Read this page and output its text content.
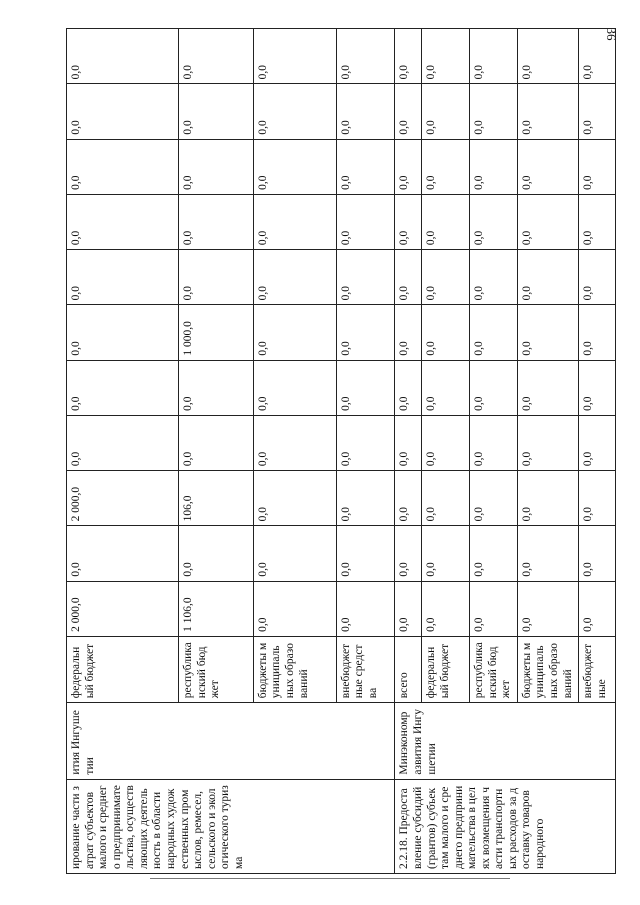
36
ирование части затрат субъектов малого и среднего предпринимательства, осуществляющих деятельность в области народных художественных промыслов, ремесел, сельского и экологического туризма	ития Ингушетии	федеральный бюджет	2 000,0	0,0	2 000,0	0,0	0,0	0,0	0,0	0,0	0,0	0,0	0,0
		республиканский бюджет	1 106,0	0,0	106,0	0,0	0,0	1 000,0	0,0	0,0	0,0	0,0	0,0
		бюджеты муниципальных образований	0,0	0,0	0,0	0,0	0,0	0,0	0,0	0,0	0,0	0,0	0,0
		внебюджетные средства	0,0	0,0	0,0	0,0	0,0	0,0	0,0	0,0	0,0	0,0	0,0
2.2.18. Предоставление субсидий (грантов) субъектам малого и среднего предпринимательства в целях возмещения части транспортных расходов за доставку товаров народного	Минэкономразвития Ингушетии	всего	0,0	0,0	0,0	0,0	0,0	0,0	0,0	0,0	0,0	0,0	0,0
		федеральный бюджет	0,0	0,0	0,0	0,0	0,0	0,0	0,0	0,0	0,0	0,0	0,0
		республиканский бюджет	0,0	0,0	0,0	0,0	0,0	0,0	0,0	0,0	0,0	0,0	0,0
		бюджеты муниципальных образований	0,0	0,0	0,0	0,0	0,0	0,0	0,0	0,0	0,0	0,0	0,0
		внебюджетные	0,0	0,0	0,0	0,0	0,0	0,0	0,0	0,0	0,0	0,0	0,0
